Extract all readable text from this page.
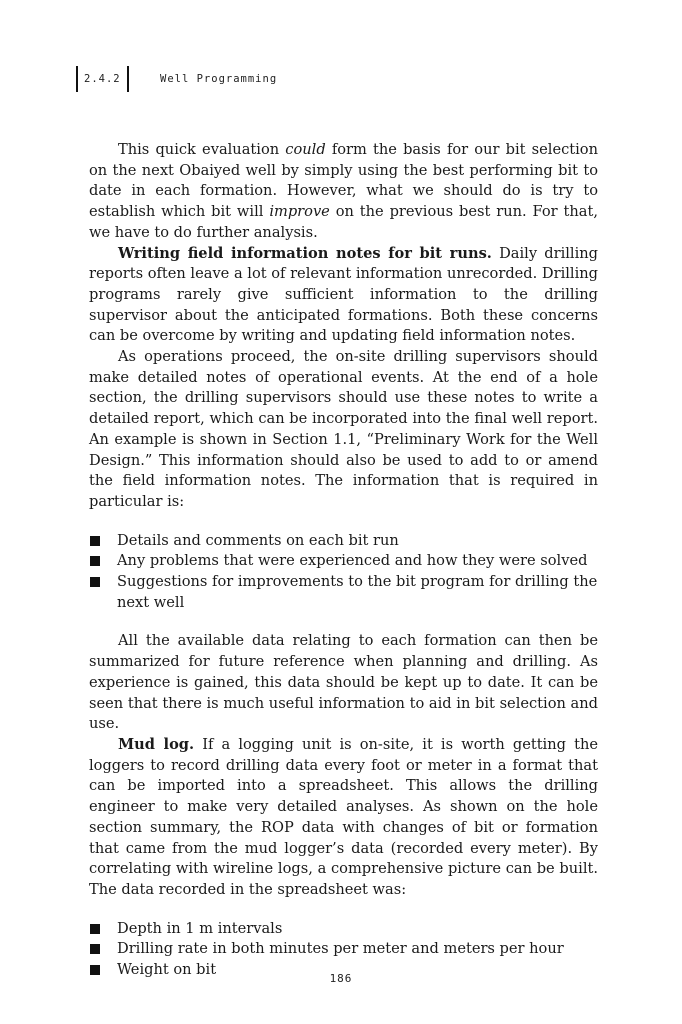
2.4.2	Well Programming

This quick evaluation could form the basis for our bit selection on the next Obaiyed well by simply using the best performing bit to date in each formation. However, what we should do is try to establish which bit will improve on the previous best run. For that, we have to do further analysis.

Writing field information notes for bit runs. Daily drilling reports often leave a lot of relevant information unrecorded. Drilling programs rarely give sufficient information to the drilling supervisor about the anticipated formations. Both these concerns can be overcome by writing and updating field information notes.

As operations proceed, the on-site drilling supervisors should make detailed notes of operational events. At the end of a hole section, the drilling supervisors should use these notes to write a detailed report, which can be incorporated into the final well report. An example is shown in Section 1.1, “Preliminary Work for the Well Design.” This information should also be used to add to or amend the field information notes. The information that is required in particular is:

Details and comments on each bit run
Any problems that were experienced and how they were solved
Suggestions for improvements to the bit program for drilling the next well

All the available data relating to each formation can then be summarized for future reference when planning and drilling. As experience is gained, this data should be kept up to date. It can be seen that there is much useful information to aid in bit selection and use.

Mud log. If a logging unit is on-site, it is worth getting the loggers to record drilling data every foot or meter in a format that can be imported into a spreadsheet. This allows the drilling engineer to make very detailed analyses. As shown on the hole section summary, the ROP data with changes of bit or formation that came from the mud logger’s data (recorded every meter). By correlating with wireline logs, a comprehensive picture can be built. The data recorded in the spreadsheet was:

Depth in 1 m intervals
Drilling rate in both minutes per meter and meters per hour
Weight on bit
186
